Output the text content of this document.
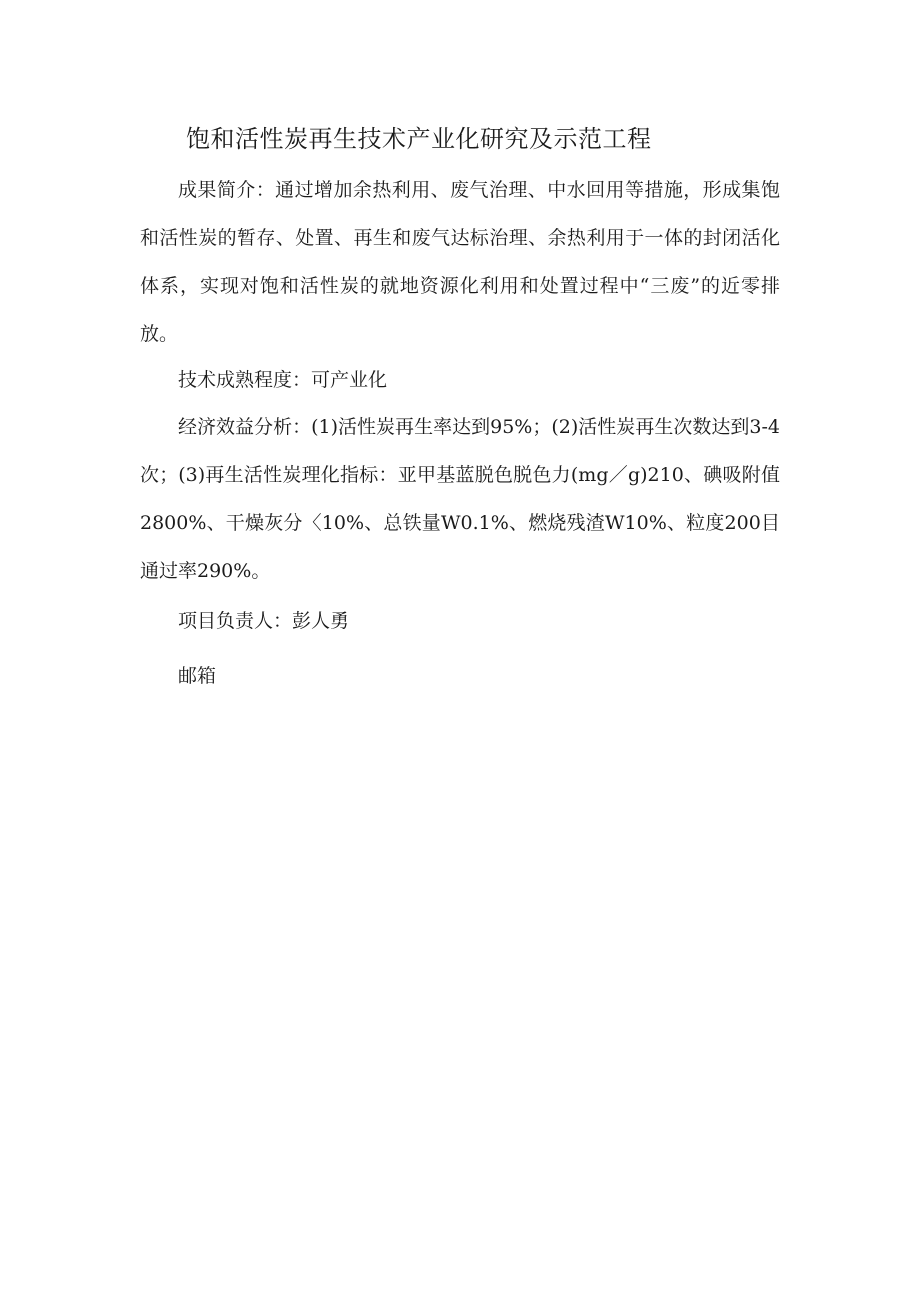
饱和活性炭再生技术产业化研究及示范工程

成果简介：通过增加余热利用、废气治理、中水回用等措施，形成集饱和活性炭的暂存、处置、再生和废气达标治理、余热利用于一体的封闭活化体系，实现对饱和活性炭的就地资源化利用和处置过程中“三废”的近零排放。

技术成熟程度：可产业化

经济效益分析：(1)活性炭再生率达到95%；(2)活性炭再生次数达到3-4次；(3)再生活性炭理化指标：亚甲基蓝脱色脱色力(mg／g)210、碘吸附值2800%、干燥灰分〈10%、总铁量W0.1%、燃烧残渣W10%、粒度200目通过率290%。

项目负责人：彭人勇

邮箱
